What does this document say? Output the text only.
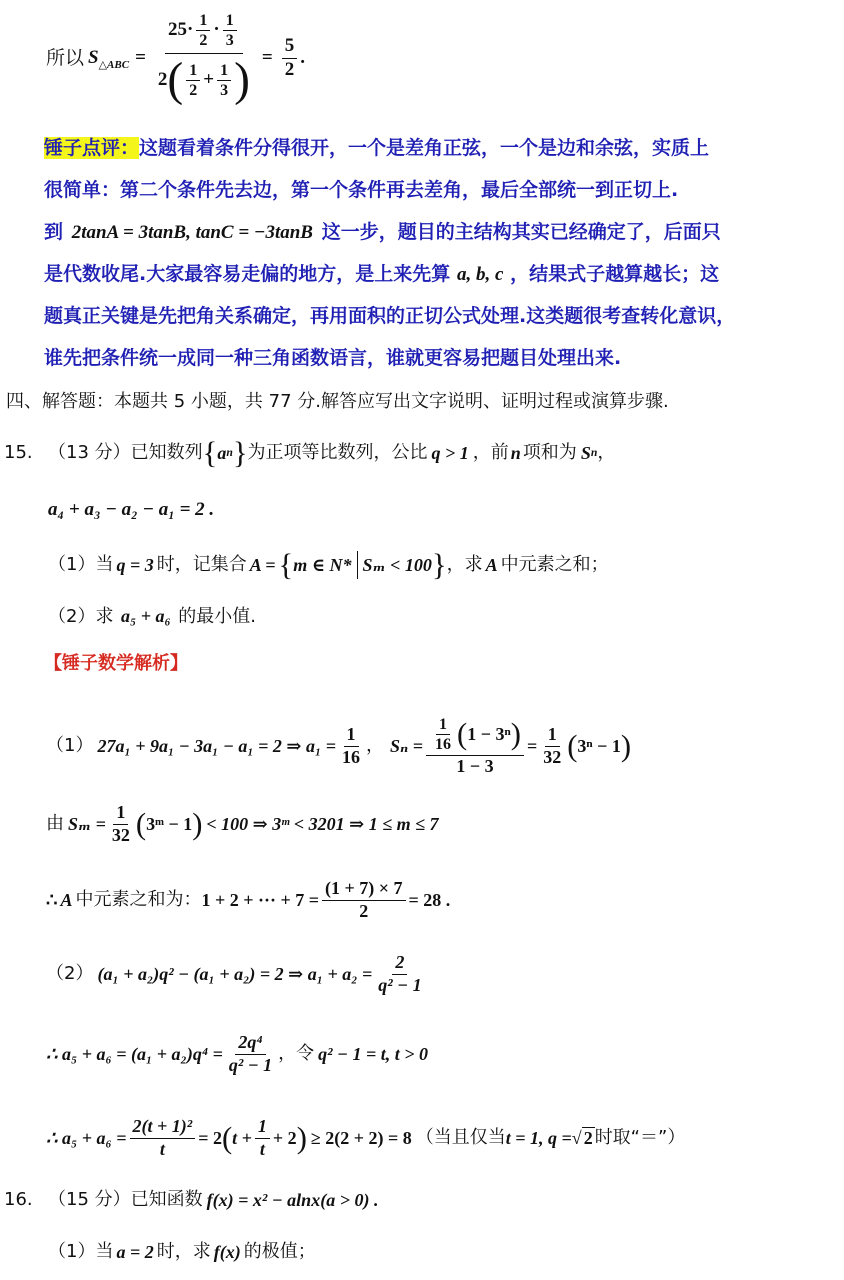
所以 $S_{\triangle ABC} = \frac{25 \cdot \frac{1}{2} \cdot \frac{1}{3}}{2 ( \frac{1}{2} + \frac{1}{3} )} = \frac{5}{2}$ .
锤子点评：这题看着条件分得很开，一个是差角正弦，一个是边和余弦，实质上
很简单：第二个条件先去边，第一个条件再去差角，最后全部统一到正切上.
到 2tanA = 3tanB, tanC = −3tanB 这一步，题目的主结构其实已经确定了，后面只
是代数收尾.大家最容易走偏的地方，是上来先算 a, b, c ，结果式子越算越长；这
题真正关键是先把角关系确定，再用面积的正切公式处理.这类题很考查转化意识，
谁先把条件统一成同一种三角函数语言，谁就更容易把题目处理出来.
四、解答题：本题共 5 小题，共 77 分.解答应写出文字说明、证明过程或演算步骤.
15. （13 分） 已知数列 { a n } 为正项等比数列，公比 q > 1 ，前 n 项和为 S n ，
a₄ + a₃ − a₂ − a₁ = 2 .
（1）当 q = 3 时，记集合 A = { m ∈ N* Sₘ < 100 } ，求 A 中元素之和；
（2）求 a₅ + a₆ 的最小值.
【锤子数学解析】
（1） 27a₁ + 9a₁ − 3a₁ − a₁ = 2 ⇒ $a_1 = \frac{1}{16}$ ， $S_n = \frac{\frac{1}{16} ( 1 - 3^n )}{1 - 3} = \frac{1}{32}$ ( 3ⁿ − 1 )
由 $S_m = \frac{1}{32}$ ( 3ᵐ − 1 ) < 100 ⇒ 3ᵐ < 3201 ⇒ 1 ≤ m ≤ 7
∴ A 中元素之和为： 1 + 2 + ··· + $7 = \frac{(1 + 7) \times 7}{2} = 28$ .
（2） (a₁ + a₂)q² − (a₁ + a₂) = 2 ⇒ $a_1 + a_2 = \frac{2}{\text{q² − 1}}$
∴ $a_5 + a_6 = (a_1 + a_2)q^4 = \frac{\text{2q⁴}}{\text{q² − 1}}$ ，令 q² − 1 = t, t > 0
∴ $a_5 + a_6 = \frac{\text{2(t + 1)²}}{t} = 2$ ( $t + \frac{1}{t} + 2$ ) ≥ 2(2 + 2) = 8 （当且仅当 t = 1, q = √ 2 时取“＝”）
16. （15 分） 已知函数 f(x) = x² − alnx(a > 0) .
（1）当 a = 2 时，求 f(x) 的极值；
